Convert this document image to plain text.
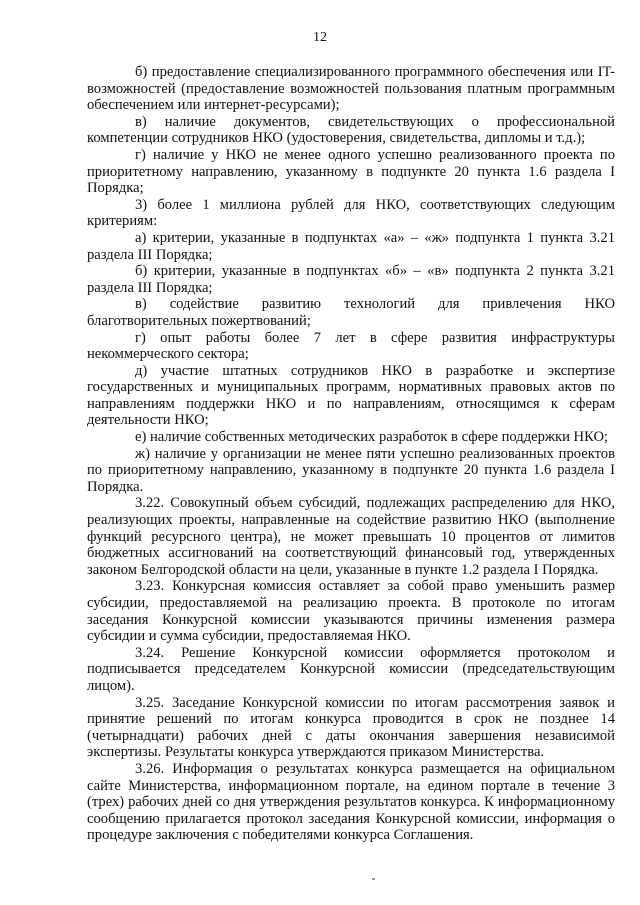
12

б) предоставление специализированного программного обеспечения или IT-возможностей (предоставление возможностей пользования платным программным обеспечением или интернет-ресурсами);

в) наличие документов, свидетельствующих о профессиональной компетенции сотрудников НКО (удостоверения, свидетельства, дипломы и т.д.);

г) наличие у НКО не менее одного успешно реализованного проекта по приоритетному направлению, указанному в подпункте 20 пункта 1.6 раздела I Порядка;

3) более 1 миллиона рублей для НКО, соответствующих следующим критериям:

а) критерии, указанные в подпунктах «а» – «ж» подпункта 1 пункта 3.21 раздела III Порядка;

б) критерии, указанные в подпунктах «б» – «в» подпункта 2 пункта 3.21 раздела III Порядка;

в) содействие развитию технологий для привлечения НКО благотворительных пожертвований;

г) опыт работы более 7 лет в сфере развития инфраструктуры некоммерческого сектора;

д) участие штатных сотрудников НКО в разработке и экспертизе государственных и муниципальных программ, нормативных правовых актов по направлениям поддержки НКО и по направлениям, относящимся к сферам деятельности НКО;

е) наличие собственных методических разработок в сфере поддержки НКО;

ж) наличие у организации не менее пяти успешно реализованных проектов по приоритетному направлению, указанному в подпункте 20 пункта 1.6 раздела I Порядка.

3.22. Совокупный объем субсидий, подлежащих распределению для НКО, реализующих проекты, направленные на содействие развитию НКО (выполнение функций ресурсного центра), не может превышать 10 процентов от лимитов бюджетных ассигнований на соответствующий финансовый год, утвержденных законом Белгородской области на цели, указанные в пункте 1.2 раздела I Порядка.

3.23. Конкурсная комиссия оставляет за собой право уменьшить размер субсидии, предоставляемой на реализацию проекта. В протоколе по итогам заседания Конкурсной комиссии указываются причины изменения размера субсидии и сумма субсидии, предоставляемая НКО.

3.24. Решение Конкурсной комиссии оформляется протоколом и подписывается председателем Конкурсной комиссии (председательствующим лицом).

3.25. Заседание Конкурсной комиссии по итогам рассмотрения заявок и принятие решений по итогам конкурса проводится в срок не позднее 14 (четырнадцати) рабочих дней с даты окончания завершения независимой экспертизы. Результаты конкурса утверждаются приказом Министерства.

3.26. Информация о результатах конкурса размещается на официальном сайте Министерства, информационном портале, на едином портале в течение 3 (трех) рабочих дней со дня утверждения результатов конкурса. К информационному сообщению прилагается протокол заседания Конкурсной комиссии, информация о процедуре заключения с победителями конкурса Соглашения.
